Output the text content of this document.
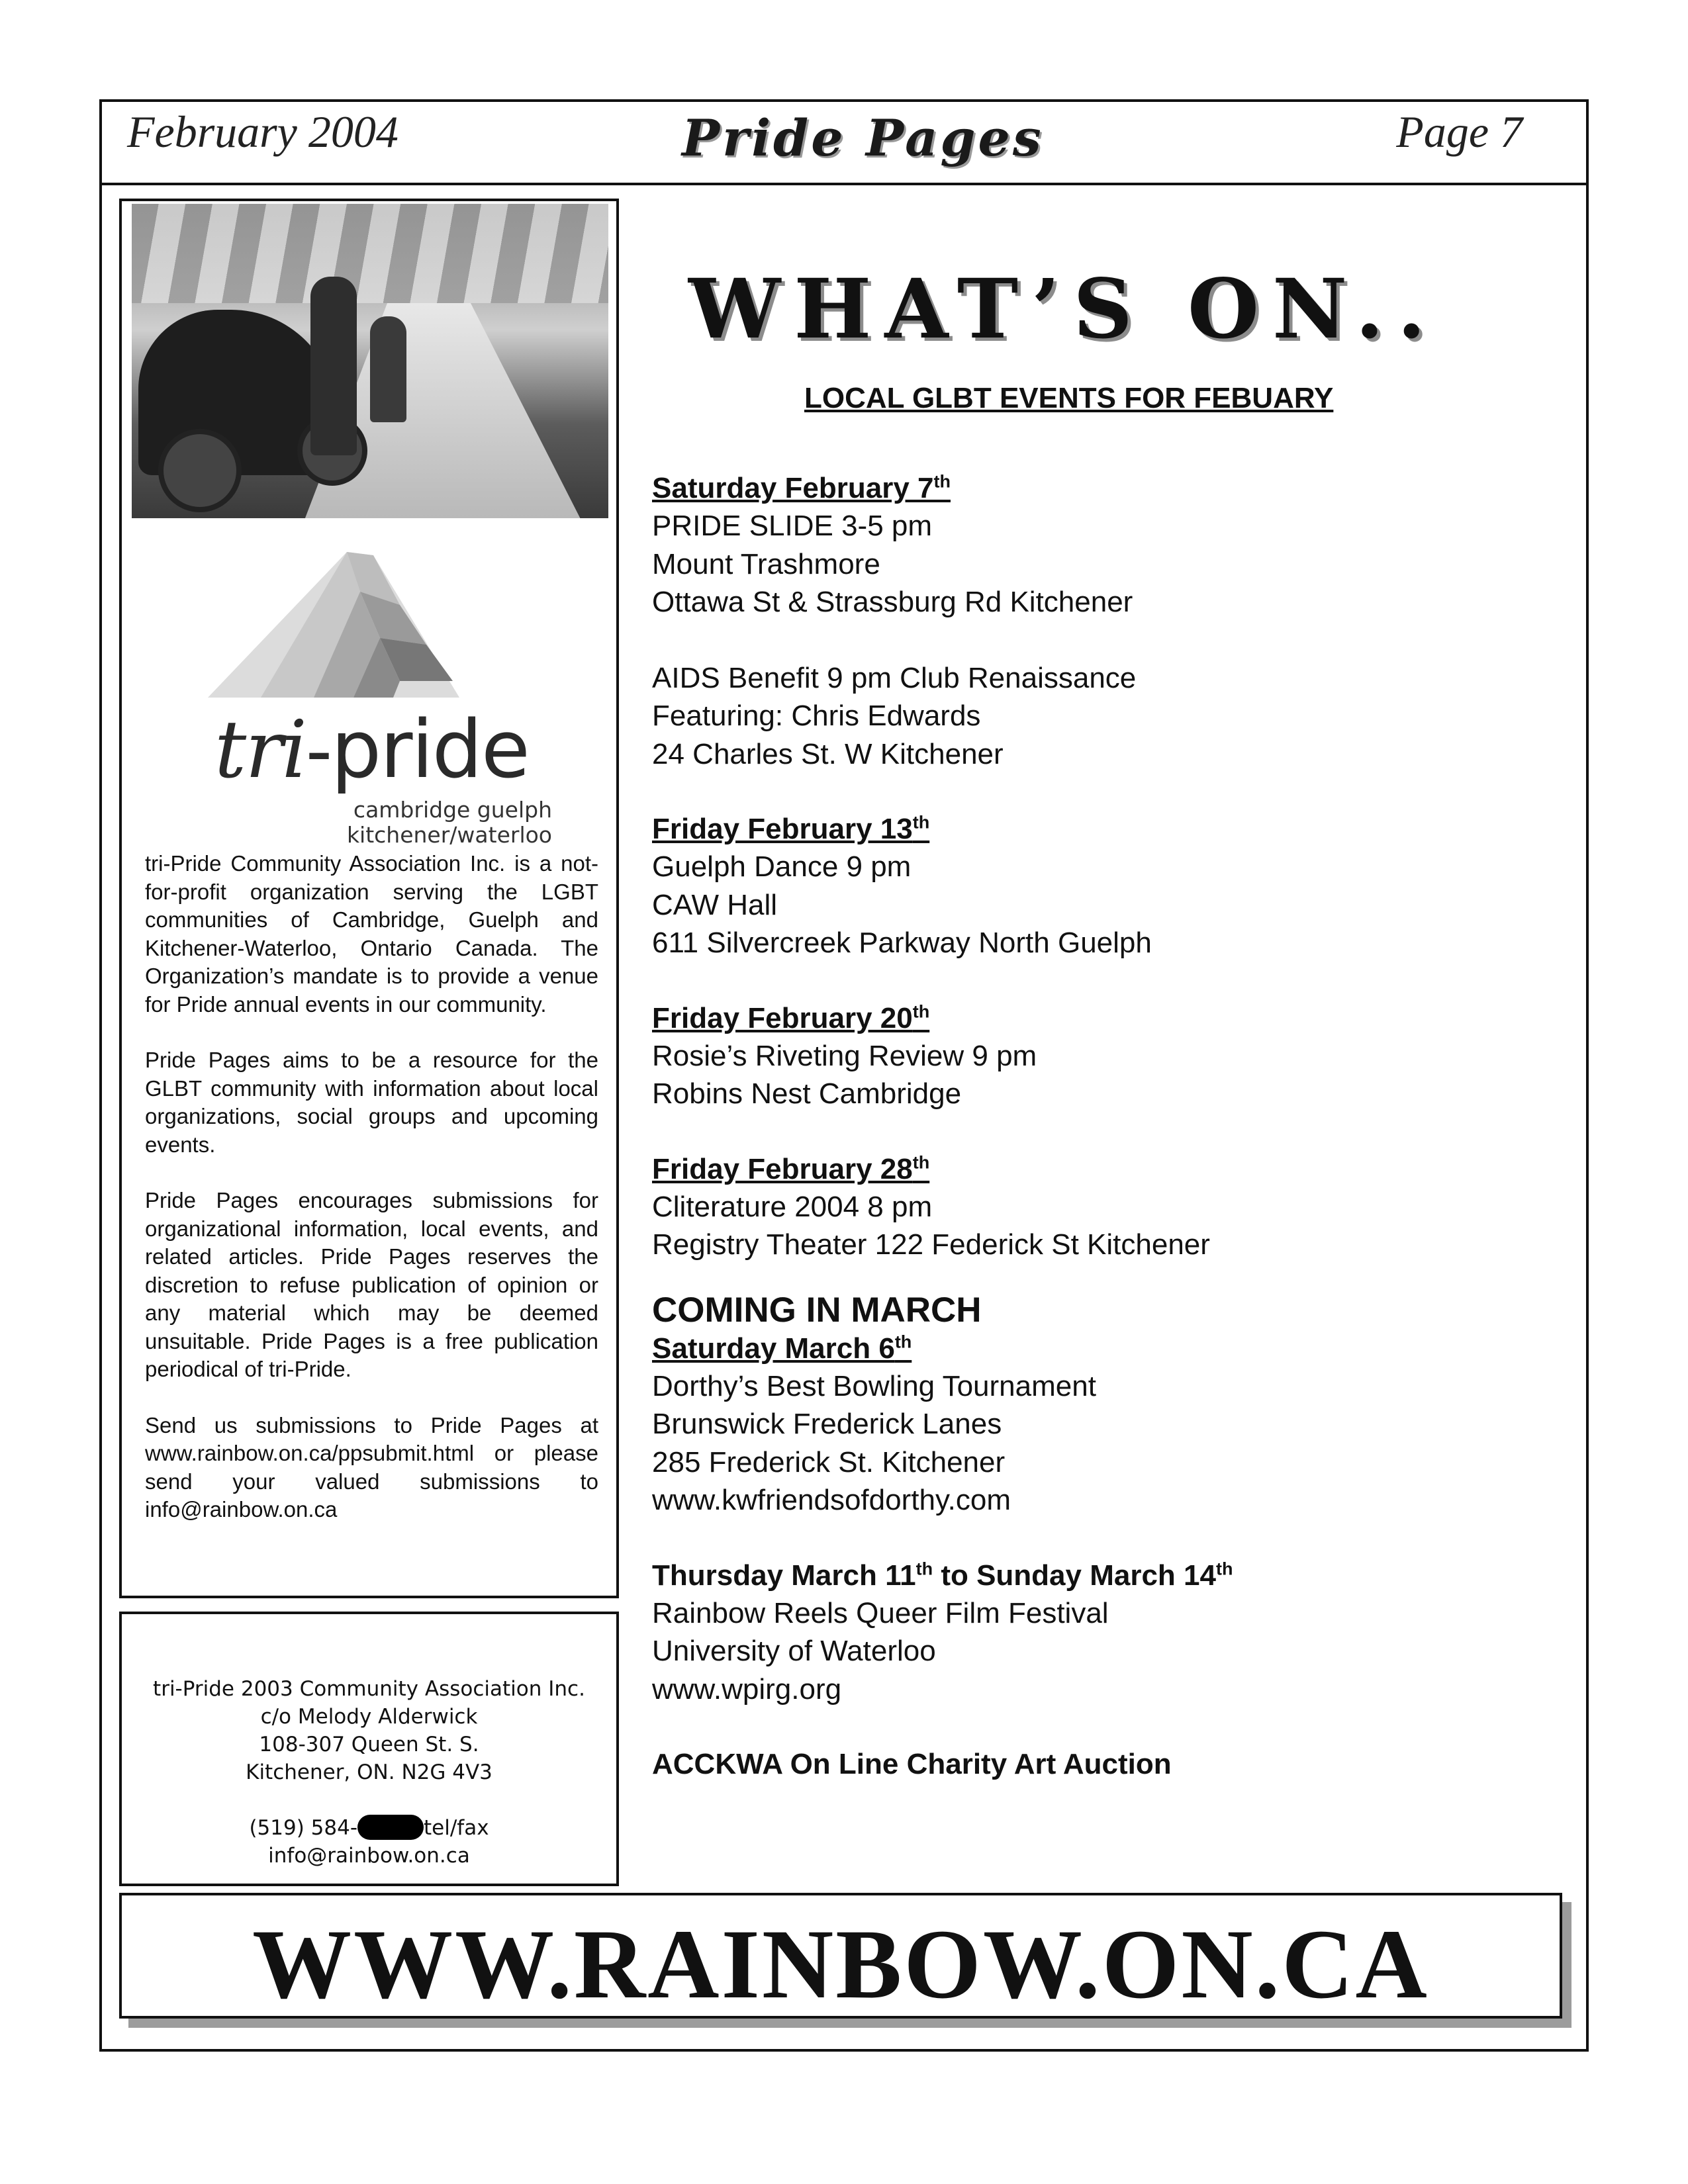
February 2004	Pride Pages	Page 7
tri-pride
cambridge guelph
kitchener/waterloo

tri-Pride Community Association Inc. is a not-for-profit organization serving the LGBT communities of Cambridge, Guelph and Kitchener-Waterloo, Ontario Canada. The Organization’s mandate is to provide a venue for Pride annual events in our community.

Pride Pages aims to be a resource for the GLBT community with information about local organizations, social groups and upcoming events.

Pride Pages encourages submissions for organizational information, local events, and related articles. Pride Pages reserves the discretion to refuse publication of opinion or any material which may be deemed unsuitable. Pride Pages is a free publication periodical of tri-Pride.

Send us submissions to Pride Pages at www.rainbow.on.ca/ppsubmit.html or please send your valued submissions to info@rainbow.on.ca

tri-Pride 2003 Community Association Inc.
c/o Melody Alderwick
108-307 Queen St. S.
Kitchener, ON. N2G 4V3
(519) 584-	tel/fax
info@rainbow.on.ca
WHAT’S ON..
LOCAL GLBT EVENTS FOR FEBUARY
Saturday February 7th
PRIDE SLIDE 3-5 pm
Mount Trashmore
Ottawa St & Strassburg Rd Kitchener
AIDS Benefit 9 pm Club Renaissance
Featuring: Chris Edwards
24 Charles St. W Kitchener
Friday February 13th
Guelph Dance 9 pm
CAW Hall
611 Silvercreek Parkway North Guelph
Friday February 20th
Rosie’s Riveting Review 9 pm
Robins Nest Cambridge
Friday February 28th
Cliterature 2004 8 pm
Registry Theater 122 Federick St Kitchener
COMING IN MARCH
Saturday March 6th
Dorthy’s Best Bowling Tournament
Brunswick Frederick Lanes
285 Frederick St. Kitchener
www.kwfriendsofdorthy.com
Thursday March 11th to Sunday March 14th
Rainbow Reels Queer Film Festival
University of Waterloo
www.wpirg.org
ACCKWA On Line Charity Art Auction
WWW.RAINBOW.ON.CA
